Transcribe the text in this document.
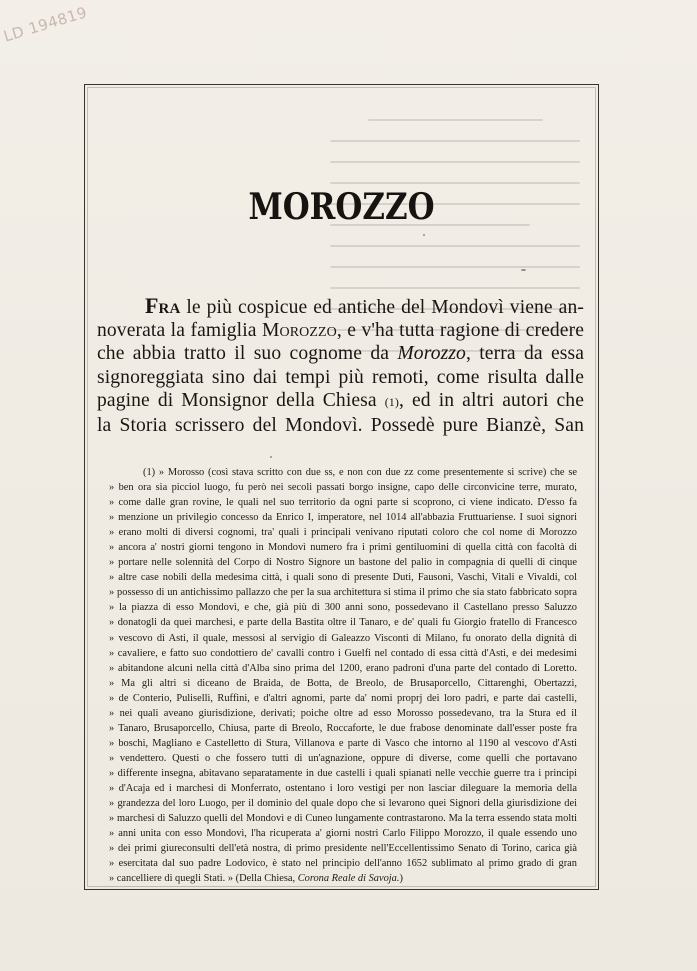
LD 194819
MOROZZO
Fra le più cospicue ed antiche del Mondovì viene an-
noverata la famiglia Morozzo, e v'ha tutta ragione di credere
che abbia tratto il suo cognome da Morozzo, terra da essa
signoreggiata sino dai tempi più remoti, come risulta dalle
pagine di Monsignor della Chiesa (1), ed in altri autori che
la Storia scrissero del Mondovì. Possedè pure Bianzè, San
(1) » Morosso (così stava scritto con due ss, e non con due zz come presentemente si scrive) che se
» ben ora sia picciol luogo, fu però nei secoli passati borgo insigne, capo delle circonvicine terre, murato,
» come dalle gran rovine, le quali nel suo territorio da ogni parte si scoprono, ci viene indicato. D'esso fa
» menzione un privilegio concesso da Enrico I, imperatore, nel 1014 all'abbazia Fruttuariense. I suoi signori
» erano molti di diversi cognomi, tra' quali i principali venivano riputati coloro che col nome di Morozzo
» ancora a' nostri giorni tengono in Mondovì numero fra i primi gentiluomini di quella città con facoltà di
» portare nelle solennità del Corpo di Nostro Signore un bastone del palio in compagnia di quelli di cinque
» altre case nobili della medesima città, i quali sono di presente Duti, Fausoni, Vaschi, Vitali e Vivaldi, col
» possesso di un antichissimo pallazzo che per la sua architettura si stima il primo che sia stato fabbricato sopra
» la piazza di esso Mondovì, e che, già più di 300 anni sono, possedevano il Castellano presso Saluzzo
» donatogli da quei marchesi, e parte della Bastita oltre il Tanaro, e de' quali fu Giorgio fratello di Francesco
» vescovo di Asti, il quale, messosi al servigio di Galeazzo Visconti di Milano, fu onorato della dignità di
» cavaliere, e fatto suo condottiero de' cavalli contro i Guelfi nel contado di essa città d'Asti, e dei medesimi
» abitandone alcuni nella città d'Alba sino prima del 1200, erano padroni d'una parte del contado di Loretto.
» Ma gli altri si diceano de Braida, de Botta, de Breolo, de Brusaporcello, Cittarenghi, Obertazzi,
» de Conterio, Pulisellì, Ruffini, e d'altri agnomi, parte da' nomi proprj dei loro padri, e parte dai castelli,
» nei quali aveano giurisdizione, derivati; poiche oltre ad esso Morosso possedevano, tra la Stura ed il
» Tanaro, Brusaporcello, Chiusa, parte di Breolo, Roccaforte, le due frabose denominate dall'esser poste fra
» boschi, Magliano e Castelletto di Stura, Villanova e parte di Vasco che intorno al 1190 al vescovo d'Asti
» vendettero. Questi o che fossero tutti di un'agnazione, oppure di diverse, come quelli che portavano
» differente insegna, abitavano separatamente in due castelli i quali spianati nelle vecchie guerre tra i principi
» d'Acaja ed i marchesi di Monferrato, ostentano i loro vestigi per non lasciar dileguare la memoria della
» grandezza del loro Luogo, per il dominio del quale dopo che si levarono quei Signori della giurisdizione dei
» marchesi di Saluzzo quelli del Mondovì e di Cuneo lungamente contrastarono. Ma la terra essendo stata molti
» anni unita con esso Mondovì, l'ha ricuperata a' giorni nostri Carlo Filippo Morozzo, il quale essendo uno
» dei primi giureconsulti dell'età nostra, di primo presidente nell'Eccellentissimo Senato di Torino, carica già
» esercitata dal suo padre Lodovico, è stato nel principio dell'anno 1652 sublimato al primo grado di gran
» cancelliere di quegli Stati. » (Della Chiesa, Corona Reale di Savoja.)
